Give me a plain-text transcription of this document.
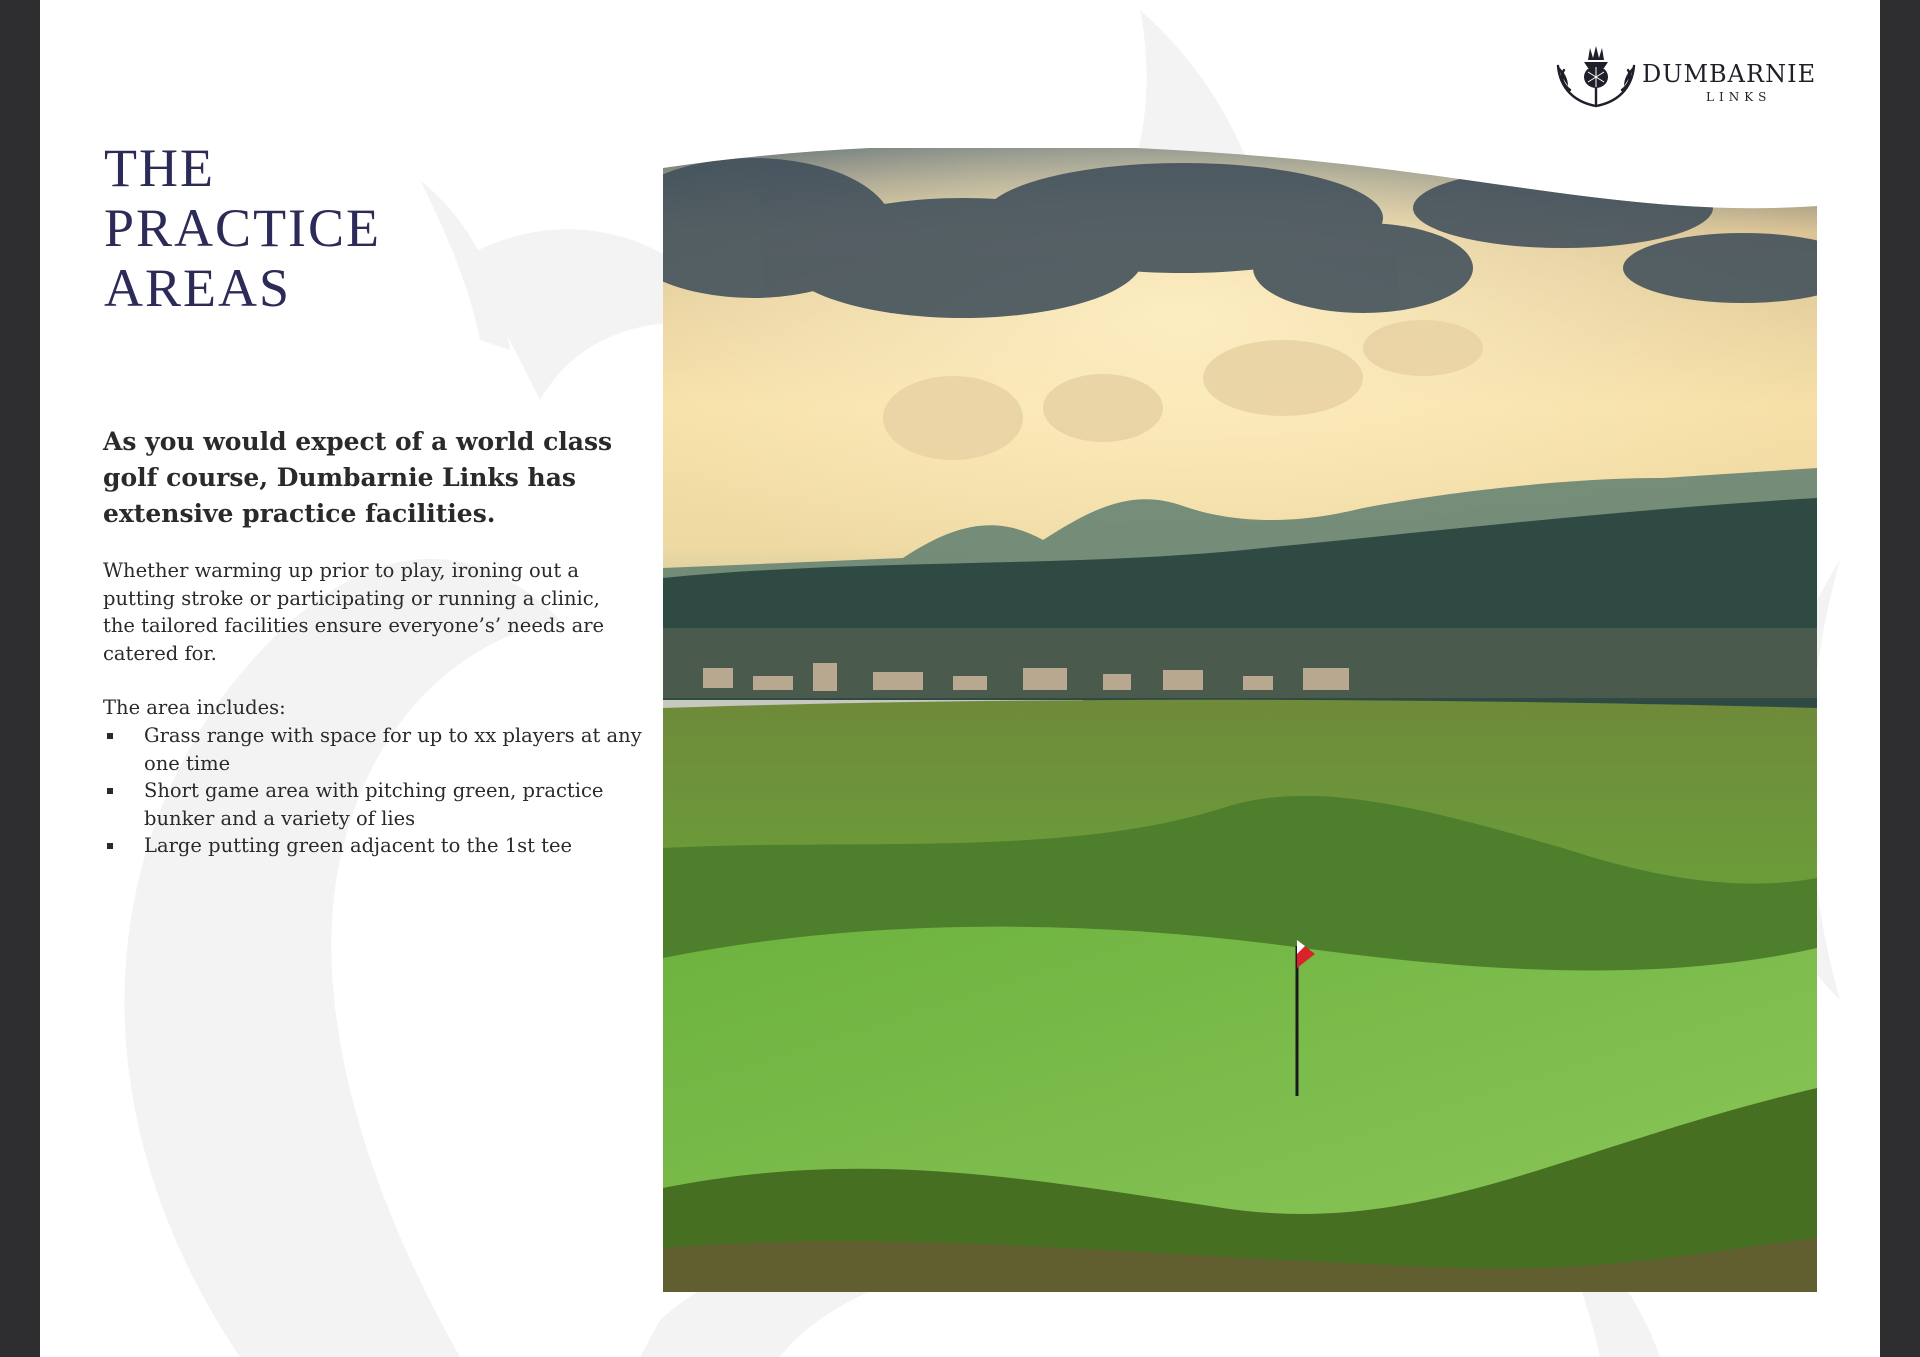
DUMBARNIE
LINKS
THE
PRACTICE
AREAS

As you would expect of a world class golf course, Dumbarnie Links has extensive practice facilities.

Whether warming up prior to play, ironing out a putting stroke or participating or running a clinic, the tailored facilities ensure everyone’s’ needs are catered for.

The area includes:

Grass range with space for up to xx players at any one time
Short game area with pitching green, practice bunker and a variety of lies
Large putting green adjacent to the 1st tee
